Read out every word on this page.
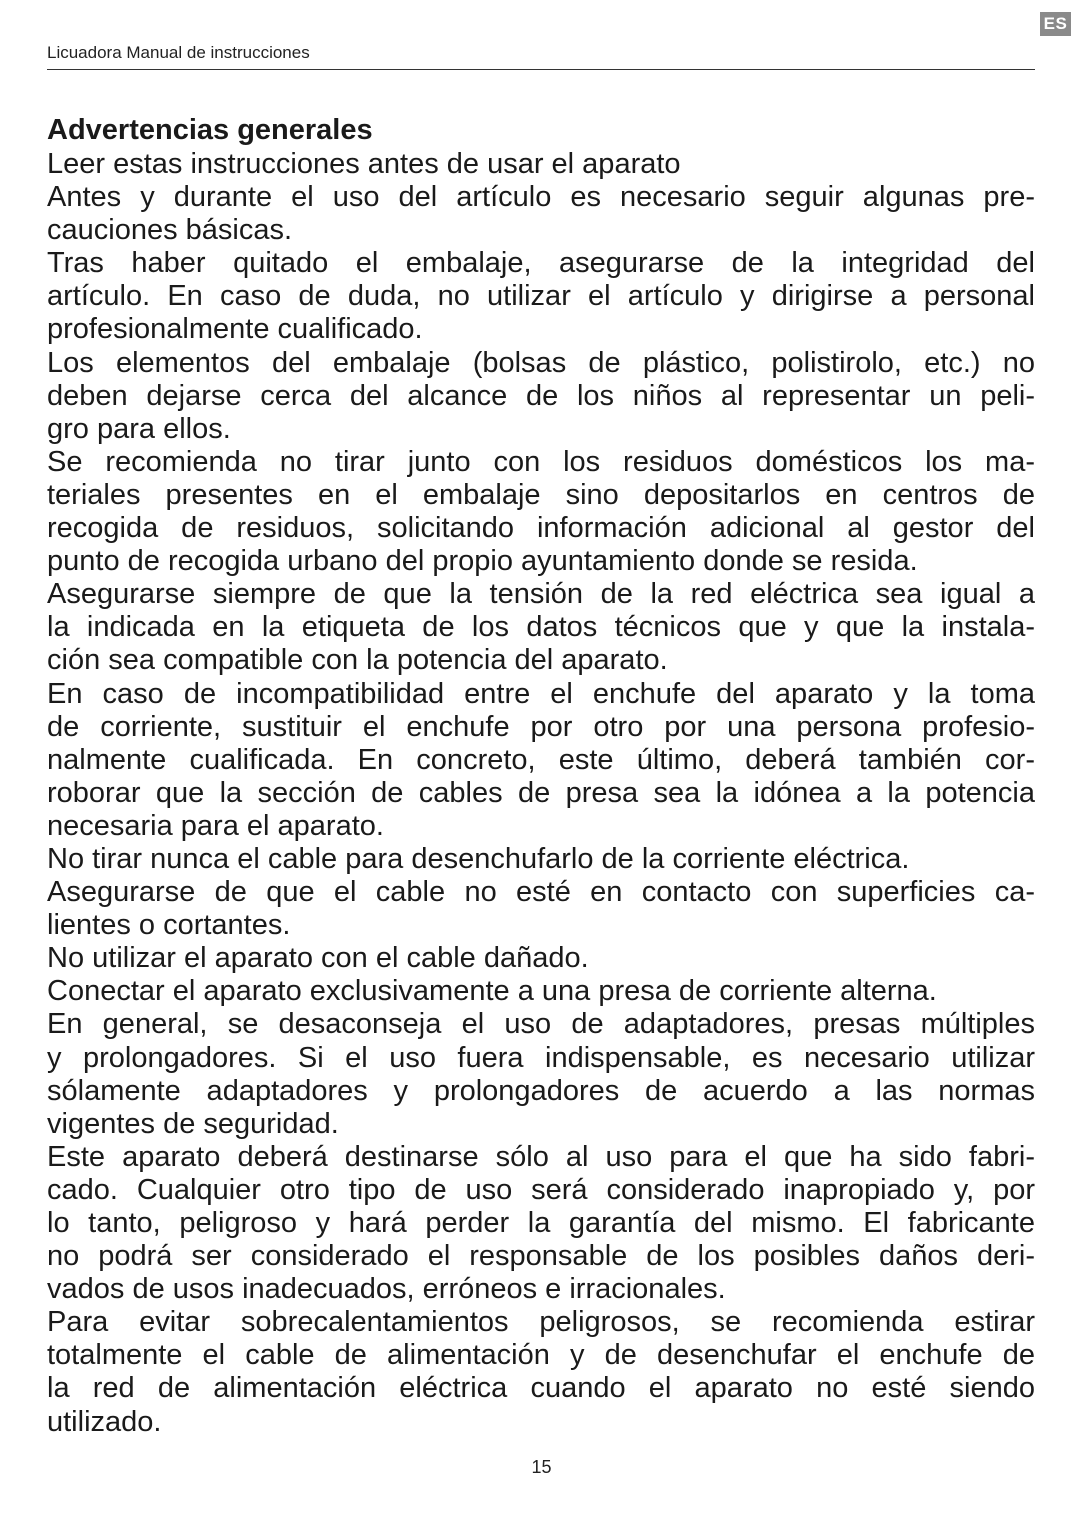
ES
Licuadora Manual de instrucciones
Advertencias generales

Leer estas instrucciones antes de usar el aparato

Antes y durante el uso del artículo es necesario seguir algunas pre-
cauciones básicas.

Tras haber quitado el embalaje, asegurarse de la integridad del
artículo. En caso de duda, no utilizar el artículo y dirigirse a personal
profesionalmente cualificado.

Los elementos del embalaje (bolsas de plástico, polistirolo, etc.) no
deben dejarse cerca del alcance de los niños al representar un peli-
gro para ellos.

Se recomienda no tirar junto con los residuos domésticos los ma-
teriales presentes en el embalaje sino depositarlos en centros de
recogida de residuos, solicitando información adicional al gestor del
punto de recogida urbano del propio ayuntamiento donde se resida.

Asegurarse siempre de que la tensión de la red eléctrica sea igual a
la indicada en la etiqueta de los datos técnicos que y que la instala-
ción sea compatible con la potencia del aparato.

En caso de incompatibilidad entre el enchufe del aparato y la toma
de corriente, sustituir el enchufe por otro por una persona profesio-
nalmente cualificada. En concreto, este último, deberá también cor-
roborar que la sección de cables de presa sea la idónea a la potencia
necesaria para el aparato.

No tirar nunca el cable para desenchufarlo de la corriente eléctrica.

Asegurarse de que el cable no esté en contacto con superficies ca-
lientes o cortantes.

No utilizar el aparato con el cable dañado.

Conectar el aparato exclusivamente a una presa de corriente alterna.

En general, se desaconseja el uso de adaptadores, presas múltiples
y prolongadores. Si el uso fuera indispensable, es necesario utilizar
sólamente adaptadores y prolongadores de acuerdo a las normas
vigentes de seguridad.

Este aparato deberá destinarse sólo al uso para el que ha sido fabri-
cado. Cualquier otro tipo de uso será considerado inapropiado y, por
lo tanto, peligroso y hará perder la garantía del mismo. El fabricante
no podrá ser considerado el responsable de los posibles daños deri-
vados de usos inadecuados, erróneos e irracionales.

Para evitar sobrecalentamientos peligrosos, se recomienda estirar
totalmente el cable de alimentación y de desenchufar el enchufe de
la red de alimentación eléctrica cuando el aparato no esté siendo
utilizado.

15
